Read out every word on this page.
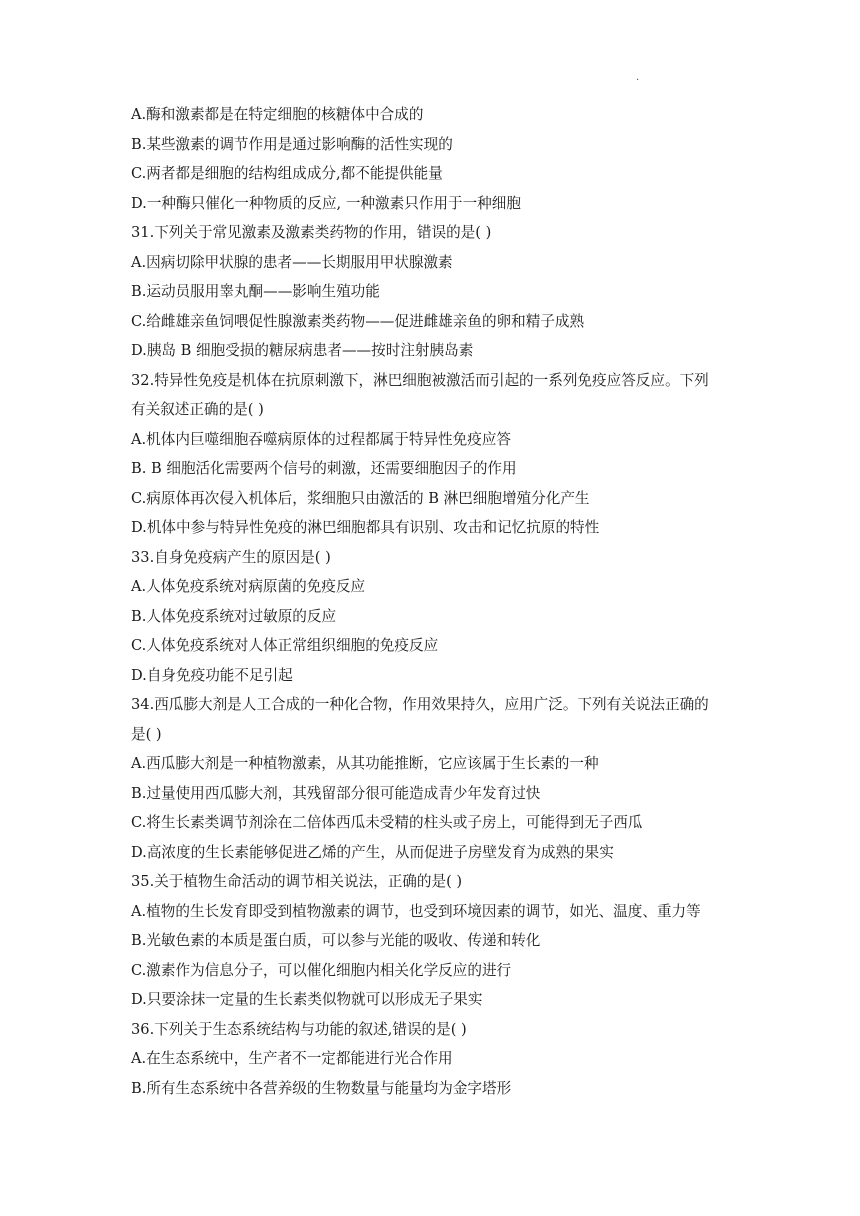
.
A.酶和激素都是在特定细胞的核糖体中合成的
B.某些激素的调节作用是通过影响酶的活性实现的
C.两者都是细胞的结构组成成分,都不能提供能量
D.一种酶只催化一种物质的反应, 一种激素只作用于一种细胞
31.下列关于常见激素及激素类药物的作用，错误的是( )
A.因病切除甲状腺的患者——长期服用甲状腺激素
B.运动员服用睾丸酮——影响生殖功能
C.给雌雄亲鱼饲喂促性腺激素类药物——促进雌雄亲鱼的卵和精子成熟
D.胰岛 B 细胞受损的糖尿病患者——按时注射胰岛素
32.特异性免疫是机体在抗原刺激下，淋巴细胞被激活而引起的一系列免疫应答反应。下列
有关叙述正确的是( )
A.机体内巨噬细胞吞噬病原体的过程都属于特异性免疫应答
B. B 细胞活化需要两个信号的刺激，还需要细胞因子的作用
C.病原体再次侵入机体后，浆细胞只由激活的 B 淋巴细胞增殖分化产生
D.机体中参与特异性免疫的淋巴细胞都具有识别、攻击和记忆抗原的特性
33.自身免疫病产生的原因是( )
A.人体免疫系统对病原菌的免疫反应
B.人体免疫系统对过敏原的反应
C.人体免疫系统对人体正常组织细胞的免疫反应
D.自身免疫功能不足引起
34.西瓜膨大剂是人工合成的一种化合物，作用效果持久，应用广泛。下列有关说法正确的
是( )
A.西瓜膨大剂是一种植物激素，从其功能推断，它应该属于生长素的一种
B.过量使用西瓜膨大剂，其残留部分很可能造成青少年发育过快
C.将生长素类调节剂涂在二倍体西瓜未受精的柱头或子房上，可能得到无子西瓜
D.高浓度的生长素能够促进乙烯的产生，从而促进子房壁发育为成熟的果实
35.关于植物生命活动的调节相关说法，正确的是( )
A.植物的生长发育即受到植物激素的调节，也受到环境因素的调节，如光、温度、重力等
B.光敏色素的本质是蛋白质，可以参与光能的吸收、传递和转化
C.激素作为信息分子，可以催化细胞内相关化学反应的进行
D.只要涂抹一定量的生长素类似物就可以形成无子果实
36.下列关于生态系统结构与功能的叙述,错误的是( )
A.在生态系统中，生产者不一定都能进行光合作用
B.所有生态系统中各营养级的生物数量与能量均为金字塔形
